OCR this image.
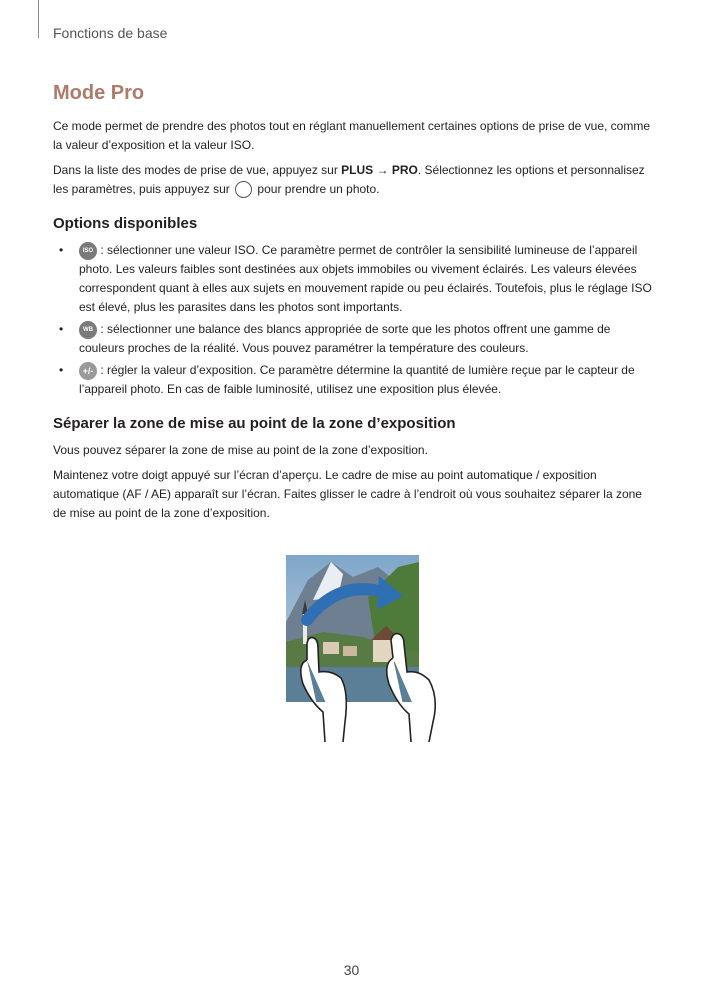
Fonctions de base
Mode Pro

Ce mode permet de prendre des photos tout en réglant manuellement certaines options de prise de vue, comme la valeur d’exposition et la valeur ISO.

Dans la liste des modes de prise de vue, appuyez sur PLUS → PRO. Sélectionnez les options et personnalisez les paramètres, puis appuyez sur  pour prendre un photo.

Options disponibles
•	ISO : sélectionner une valeur ISO. Ce paramètre permet de contrôler la sensibilité lumineuse de l’appareil photo. Les valeurs faibles sont destinées aux objets immobiles ou vivement éclairés. Les valeurs élevées correspondent quant à elles aux sujets en mouvement rapide ou peu éclairés. Toutefois, plus le réglage ISO est élevé, plus les parasites dans les photos sont importants.
•	WB : sélectionner une balance des blancs appropriée de sorte que les photos offrent une gamme de couleurs proches de la réalité. Vous pouvez paramétrer la température des couleurs.
• +/- : régler la valeur d’exposition. Ce paramètre détermine la quantité de lumière reçue par le capteur de l’appareil photo. En cas de faible luminosité, utilisez une exposition plus élevée.
Séparer la zone de mise au point de la zone d’exposition

Vous pouvez séparer la zone de mise au point de la zone d’exposition.

Maintenez votre doigt appuyé sur l’écran d’aperçu. Le cadre de mise au point automatique / exposition automatique (AF / AE) apparaît sur l’écran. Faites glisser le cadre à l’endroit où vous souhaitez séparer la zone de mise au point de la zone d’exposition.

30
